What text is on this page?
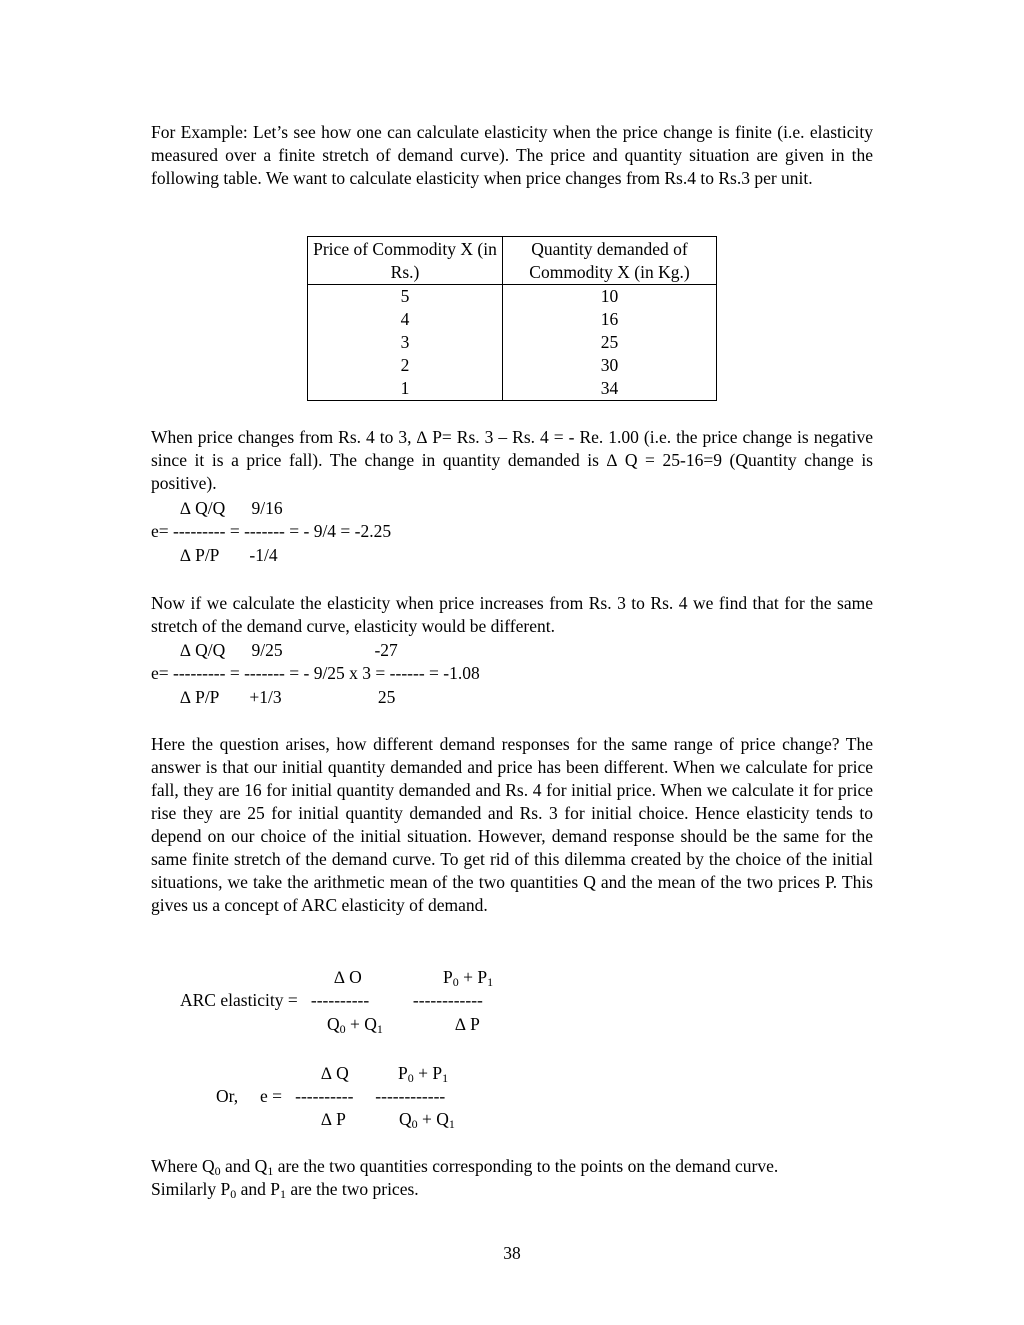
For Example: Let’s see how one can calculate elasticity when the price change is finite (i.e. elasticity measured over a finite stretch of demand curve). The price and quantity situation are given in the following table. We want to calculate elasticity when price changes from Rs.4 to Rs.3 per unit.

Price of Commodity X (in Rs.)	Quantity demanded of Commodity X (in Kg.)
5	10
4	16
3	25
2	30
1	34

When price changes from Rs. 4 to 3, ∆ P= Rs. 3 – Rs. 4 = - Re. 1.00 (i.e. the price change is negative since it is a price fall). The change in quantity demanded is ∆ Q = 25-16=9 (Quantity change is positive).

∆ Q/Q      9/16
e= --------- = ------- = - 9/4 = -2.25
∆ P/P       -1/4

Now if we calculate the elasticity when price increases from Rs. 3 to Rs. 4 we find that for the same stretch of the demand curve, elasticity would be different.

∆ Q/Q      9/25                     -27
e= --------- = ------- = - 9/25 x 3 = ------ = -1.08
∆ P/P       +1/3                      25

Here the question arises, how different demand responses for the same range of price change? The answer is that our initial quantity demanded and price has been different. When we calculate for price fall, they are 16 for initial quantity demanded and Rs. 4 for initial price. When we calculate it for price rise they are 25 for initial quantity demanded and Rs. 3 for initial choice. Hence elasticity tends to depend on our choice of the initial situation. However, demand response should be the same for the same finite stretch of the demand curve. To get rid of this dilemma created by the choice of the initial situations, we take the arithmetic mean of the two quantities Q and the mean of the two prices P. This gives us a concept of ARC elasticity of demand.

∆ O	$P_0 + P_1$
ARC elasticity =   ----------          ------------
$Q_0 + Q_1$	∆ P
∆ Q	$P_0 + P_1$
Or,     e =   ----------     ------------
∆ P	$Q_0 + Q_1$
Where $Q_0$ and $Q_1$ are the two quantities corresponding to the points on the demand curve.
Similarly $P_0$ and $P_1$ are the two prices.
38
